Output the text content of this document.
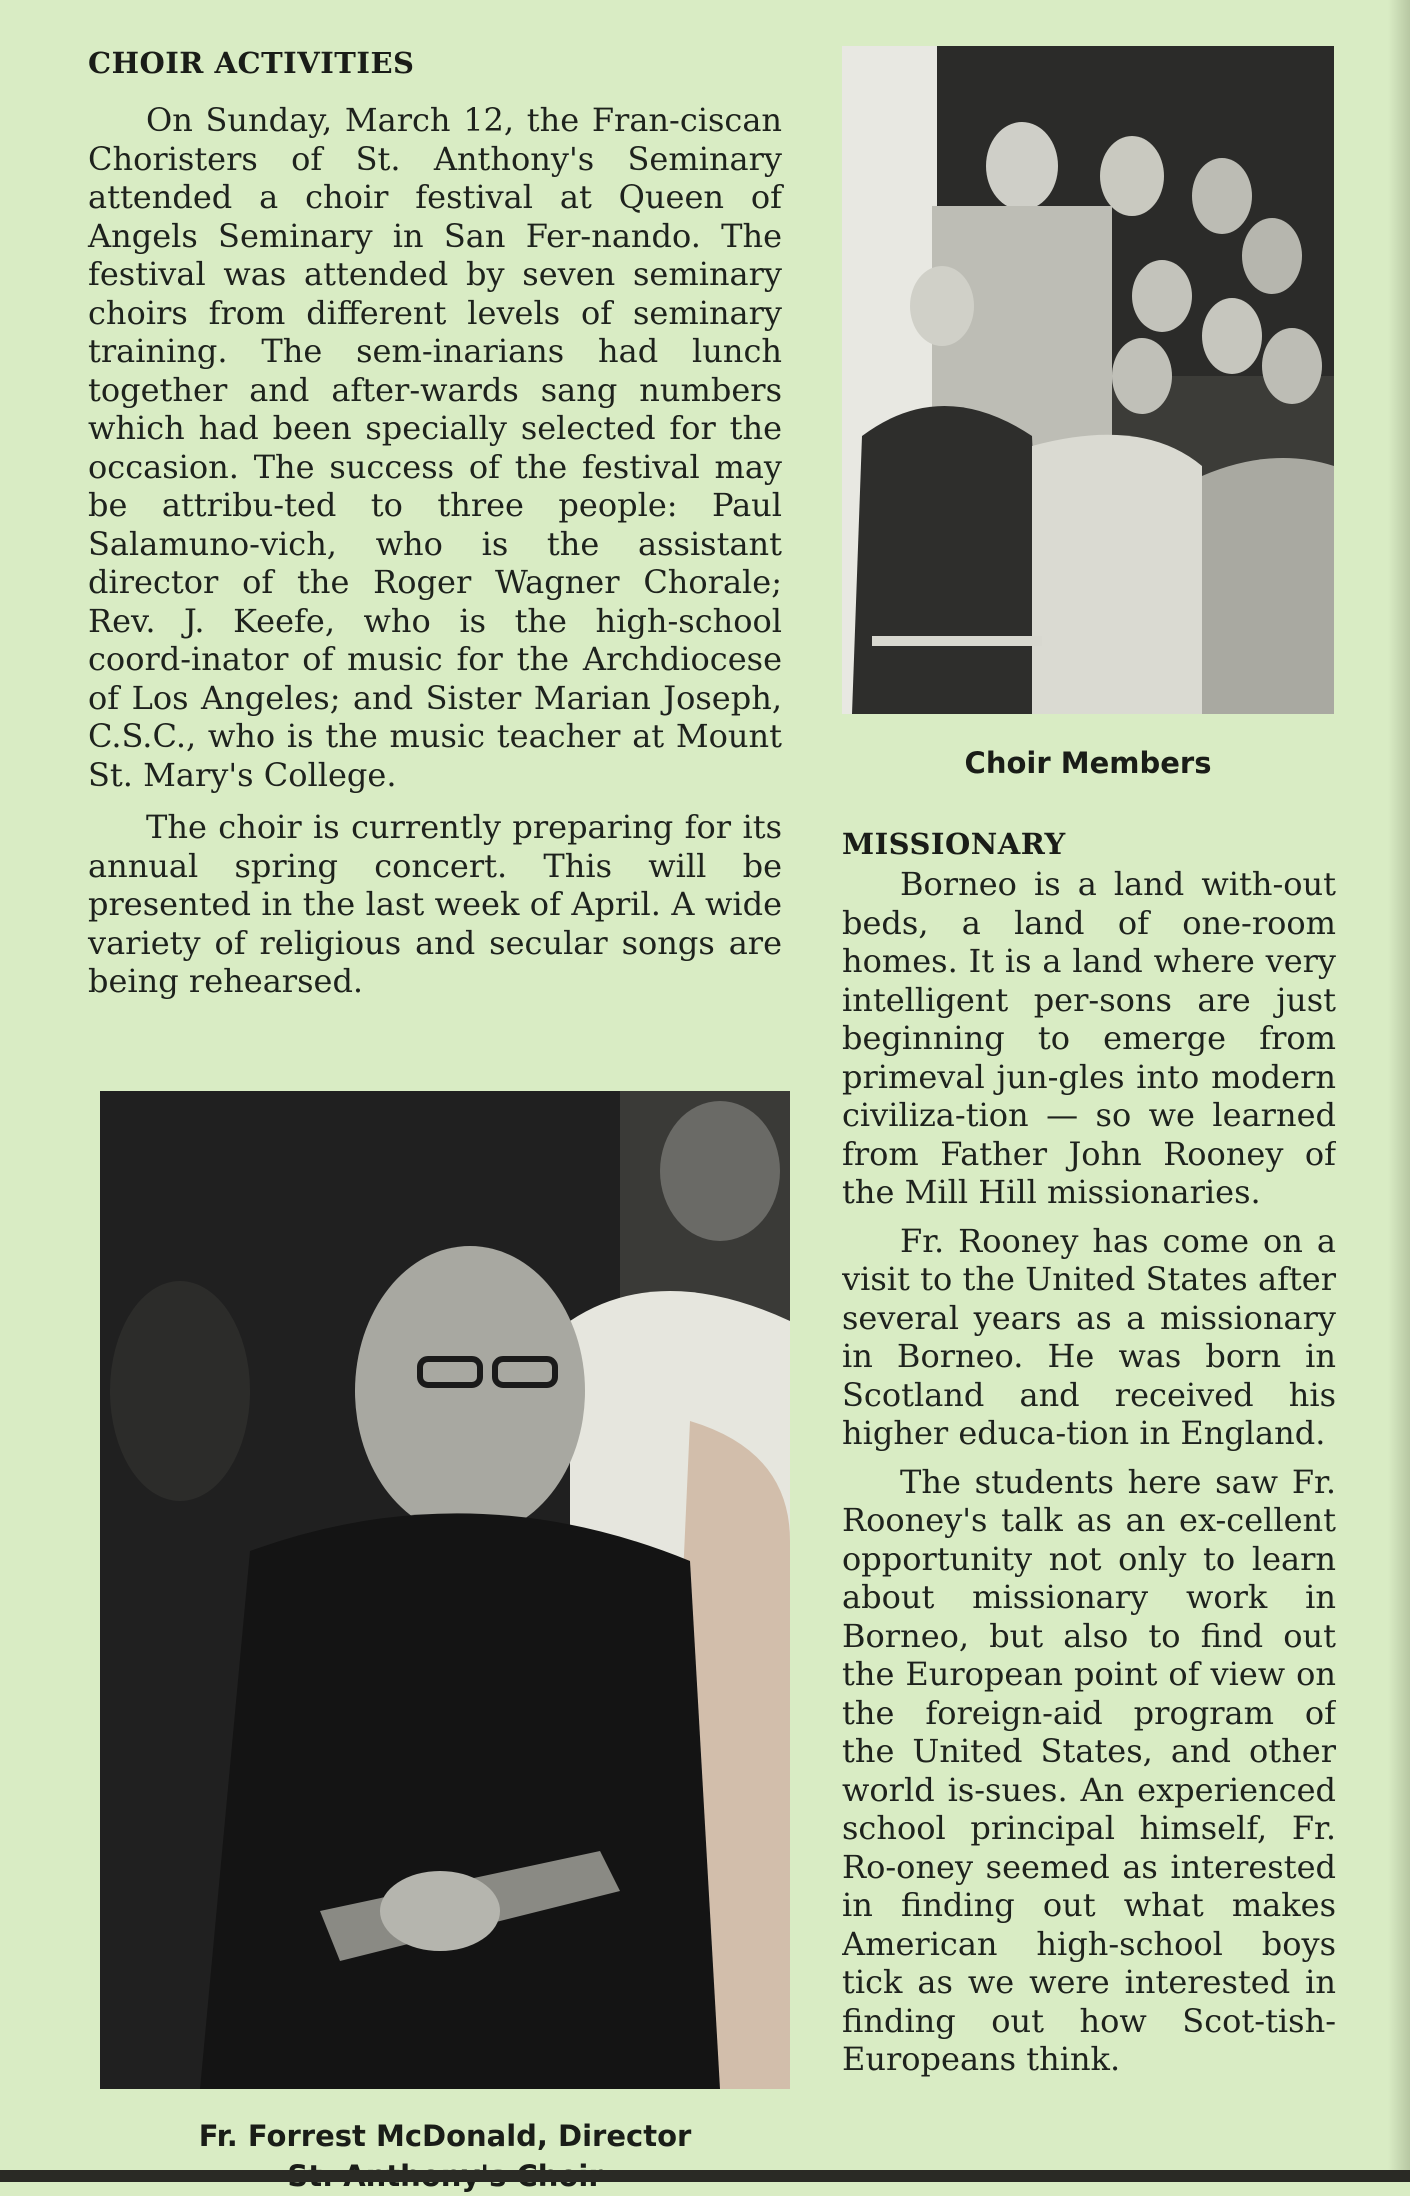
CHOIR ACTIVITIES

On Sunday, March 12, the Fran-ciscan Choristers of St. Anthony's Seminary attended a choir festival at Queen of Angels Seminary in San Fer-nando. The festival was attended by seven seminary choirs from different levels of seminary training. The sem-inarians had lunch together and after-wards sang numbers which had been specially selected for the occasion. The success of the festival may be attribu-ted to three people: Paul Salamuno-vich, who is the assistant director of the Roger Wagner Chorale; Rev. J. Keefe, who is the high-school coord-inator of music for the Archdiocese of Los Angeles; and Sister Marian Joseph, C.S.C., who is the music teacher at Mount St. Mary's College.

The choir is currently preparing for its annual spring concert. This will be presented in the last week of April. A wide variety of religious and secular songs are being rehearsed.

Choir Members

MISSIONARY

Borneo is a land with-out beds, a land of one-room homes. It is a land where very intelligent per-sons are just beginning to emerge from primeval jun-gles into modern civiliza-tion — so we learned from Father John Rooney of the Mill Hill missionaries.

Fr. Rooney has come on a visit to the United States after several years as a missionary in Borneo. He was born in Scotland and received his higher educa-tion in England.

The students here saw Fr. Rooney's talk as an ex-cellent opportunity not only to learn about missionary work in Borneo, but also to find out the European point of view on the foreign-aid program of the United States, and other world is-sues. An experienced school principal himself, Fr. Ro-oney seemed as interested in finding out what makes American high-school boys tick as we were interested in finding out how Scot-tish-Europeans think.

Fr. Forrest McDonald, Director
